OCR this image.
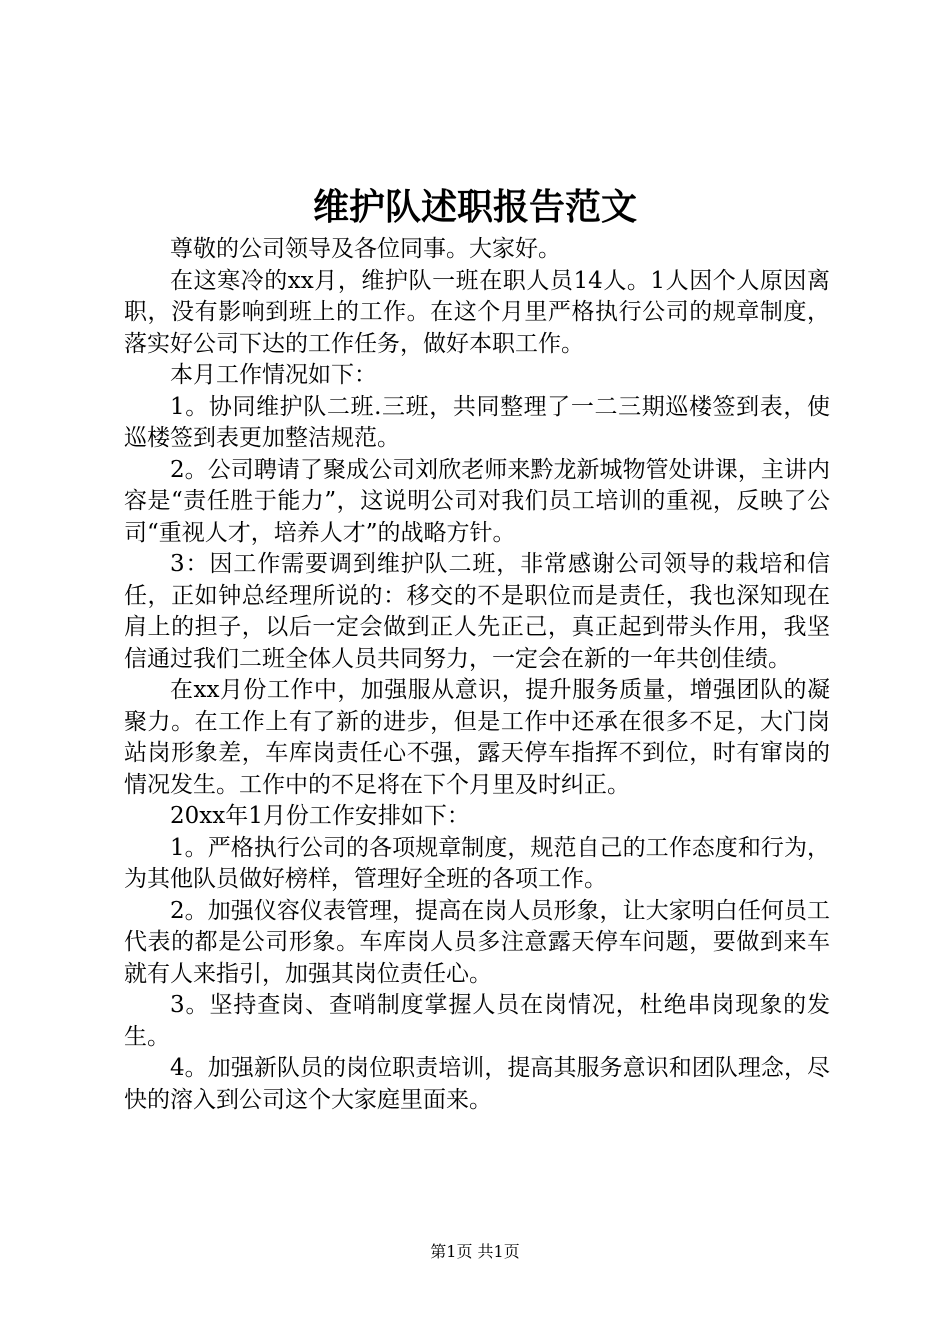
维护队述职报告范文

尊敬的公司领导及各位同事。大家好。

在这寒冷的xx月，维护队一班在职人员14人。1人因个人原因离职，没有影响到班上的工作。在这个月里严格执行公司的规章制度，落实好公司下达的工作任务，做好本职工作。

本月工作情况如下：

1。协同维护队二班.三班，共同整理了一二三期巡楼签到表，使巡楼签到表更加整洁规范。

2。公司聘请了聚成公司刘欣老师来黔龙新城物管处讲课，主讲内容是“责任胜于能力”，这说明公司对我们员工培训的重视，反映了公司“重视人才，培养人才”的战略方针。

3：因工作需要调到维护队二班，非常感谢公司领导的栽培和信任，正如钟总经理所说的：移交的不是职位而是责任，我也深知现在肩上的担子，以后一定会做到正人先正己，真正起到带头作用，我坚信通过我们二班全体人员共同努力，一定会在新的一年共创佳绩。

在xx月份工作中，加强服从意识，提升服务质量，增强团队的凝聚力。在工作上有了新的进步，但是工作中还承在很多不足，大门岗站岗形象差，车库岗责任心不强，露天停车指挥不到位，时有窜岗的情况发生。工作中的不足将在下个月里及时纠正。

20xx年1月份工作安排如下：

1。严格执行公司的各项规章制度，规范自己的工作态度和行为，为其他队员做好榜样，管理好全班的各项工作。

2。加强仪容仪表管理，提高在岗人员形象，让大家明白任何员工代表的都是公司形象。车库岗人员多注意露天停车问题，要做到来车就有人来指引，加强其岗位责任心。

3。坚持查岗、查哨制度掌握人员在岗情况，杜绝串岗现象的发生。

4。加强新队员的岗位职责培训，提高其服务意识和团队理念，尽快的溶入到公司这个大家庭里面来。

第1页 共1页
